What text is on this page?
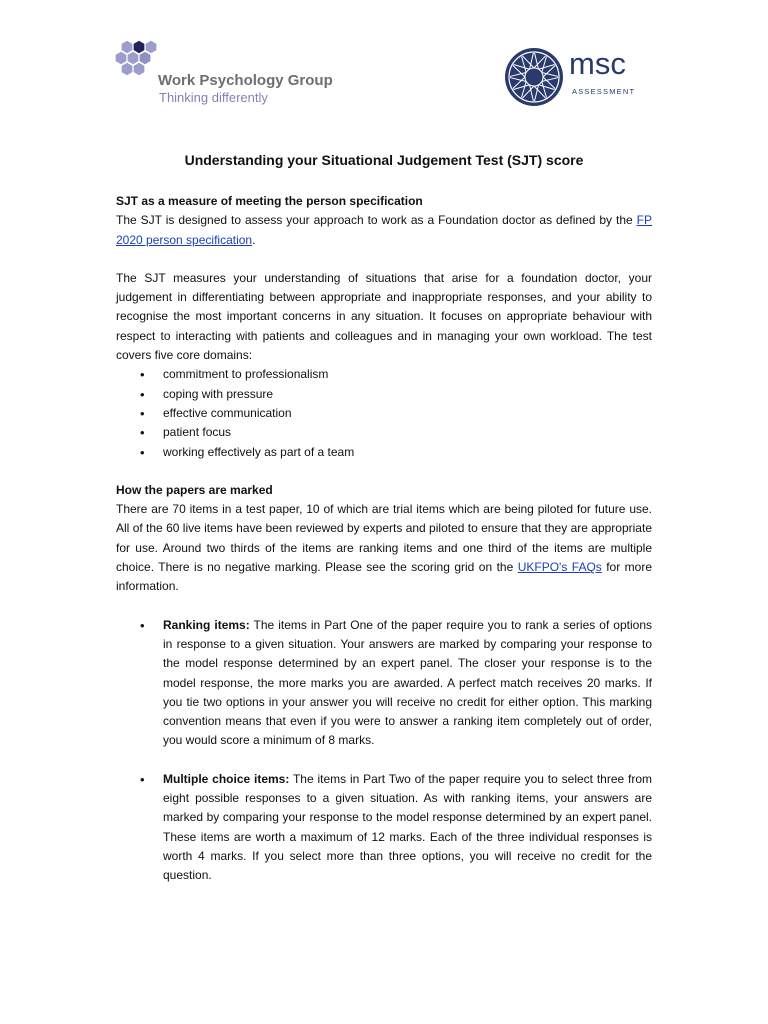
Work Psychology Group
Thinking differently
msc
ASSESSMENT
Understanding your Situational Judgement Test (SJT) score
SJT as a measure of meeting the person specification

The SJT is designed to assess your approach to work as a Foundation doctor as defined by the FP 2020 person specification.

The SJT measures your understanding of situations that arise for a foundation doctor, your judgement in differentiating between appropriate and inappropriate responses, and your ability to recognise the most important concerns in any situation. It focuses on appropriate behaviour with respect to interacting with patients and colleagues and in managing your own workload. The test covers five core domains:

• commitment to professionalism
• coping with pressure
• effective communication
• patient focus
• working effectively as part of a team
How the papers are marked

There are 70 items in a test paper, 10 of which are trial items which are being piloted for future use. All of the 60 live items have been reviewed by experts and piloted to ensure that they are appropriate for use. Around two thirds of the items are ranking items and one third of the items are multiple choice. There is no negative marking. Please see the scoring grid on the UKFPO's FAQs for more information.

• Ranking items: The items in Part One of the paper require you to rank a series of options in response to a given situation. Your answers are marked by comparing your response to the model response determined by an expert panel. The closer your response is to the model response, the more marks you are awarded. A perfect match receives 20 marks. If you tie two options in your answer you will receive no credit for either option. This marking convention means that even if you were to answer a ranking item completely out of order, you would score a minimum of 8 marks.
• Multiple choice items: The items in Part Two of the paper require you to select three from eight possible responses to a given situation. As with ranking items, your answers are marked by comparing your response to the model response determined by an expert panel. These items are worth a maximum of 12 marks. Each of the three individual responses is worth 4 marks. If you select more than three options, you will receive no credit for the question.
